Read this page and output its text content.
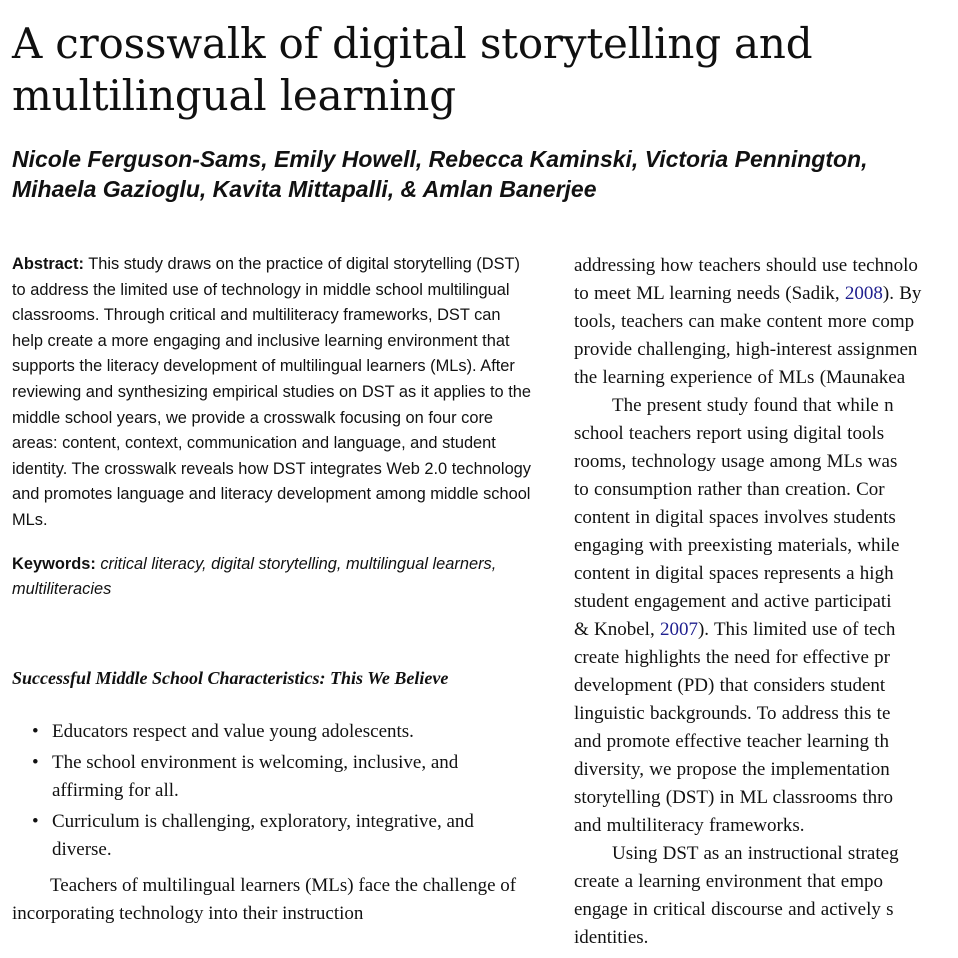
A crosswalk of digital storytelling and multilingual learning

Nicole Ferguson-Sams, Emily Howell, Rebecca Kaminski, Victoria Pennington, Mihaela Gazioglu, Kavita Mittapalli, & Amlan Banerjee

Abstract: This study draws on the practice of digital storytelling (DST) to address the limited use of technology in middle school multilingual classrooms. Through critical and multiliteracy frameworks, DST can help create a more engaging and inclusive learning environment that supports the literacy development of multilingual learners (MLs). After reviewing and synthesizing empirical studies on DST as it applies to the middle school years, we provide a crosswalk focusing on four core areas: content, context, communication and language, and student identity. The crosswalk reveals how DST integrates Web 2.0 technology and promotes language and literacy development among middle school MLs.

Keywords: critical literacy, digital storytelling, multilingual learners, multiliteracies

Successful Middle School Characteristics: This We Believe
• Educators respect and value young adolescents.
• The school environment is welcoming, inclusive, and affirming for all.
• Curriculum is challenging, exploratory, integrative, and diverse.

Teachers of multilingual learners (MLs) face the challenge of incorporating technology into their instruction

addressing how teachers should use technolo

to meet ML learning needs (Sadik, 2008). By

tools, teachers can make content more comp

provide challenging, high-interest assignmen

the learning experience of MLs (Maunakea

The present study found that while n

school teachers report using digital tools

rooms, technology usage among MLs was

to consumption rather than creation. Cor

content in digital spaces involves students

engaging with preexisting materials, while

content in digital spaces represents a high

student engagement and active participati

& Knobel, 2007). This limited use of tech

create highlights the need for effective pr

development (PD) that considers student

linguistic backgrounds. To address this te

and promote effective teacher learning th

diversity, we propose the implementation

storytelling (DST) in ML classrooms thro

and multiliteracy frameworks.

Using DST as an instructional strateg

create a learning environment that empo

engage in critical discourse and actively s

identities.
